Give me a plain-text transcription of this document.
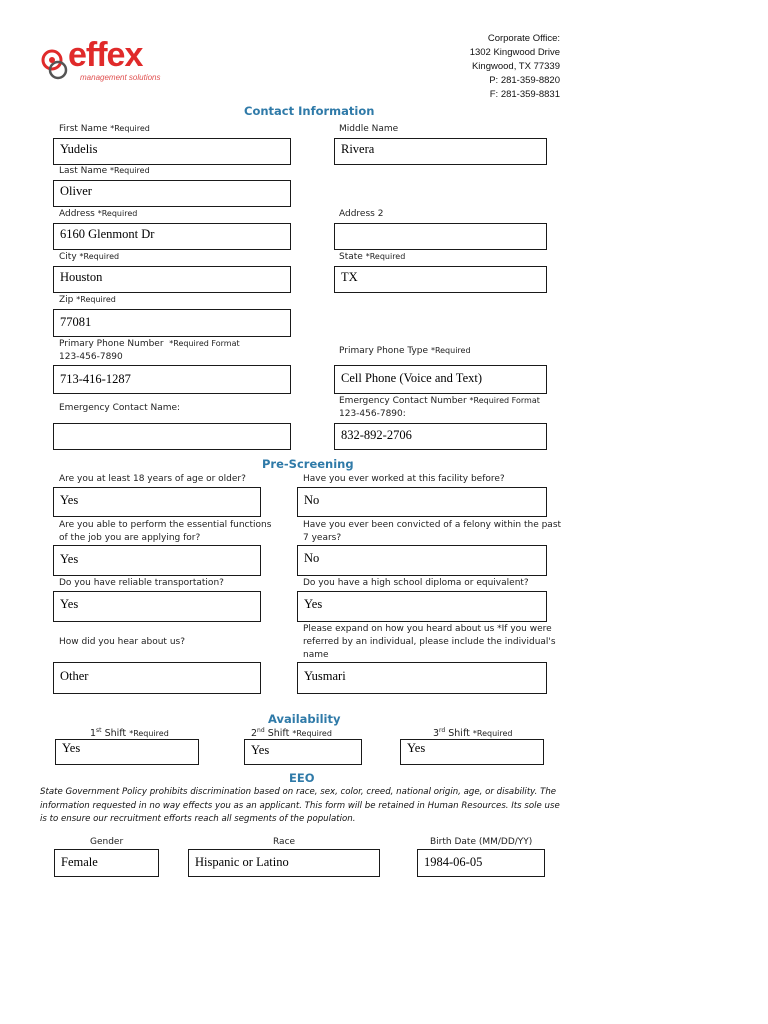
effex
management solutions
Corporate Office:
1302 Kingwood Drive
Kingwood, TX 77339
P: 281-359-8820
F: 281-359-8831
Contact Information
First Name *Required
Yudelis
Middle Name
Rivera
Last Name *Required
Oliver
Address *Required
6160 Glenmont Dr
Address 2
City *Required
Houston
State *Required
TX
Zip *Required
77081
Primary Phone Number *Required Format
123-456-7890
713-416-1287
Primary Phone Type *Required
Cell Phone (Voice and Text)
Emergency Contact Name:
Emergency Contact Number *Required Format
123-456-7890:
832-892-2706
Pre-Screening
Are you at least 18 years of age or older?
Yes
Have you ever worked at this facility before?
No
Are you able to perform the essential functions
of the job you are applying for?
Yes
Have you ever been convicted of a felony within the past
7 years?
No
Do you have reliable transportation?
Yes
Do you have a high school diploma or equivalent?
Yes
How did you hear about us?
Other
Please expand on how you heard about us *If you were
referred by an individual, please include the individual's
name
Yusmari
Availability
1st Shift *Required
Yes
2nd Shift *Required
Yes
3rd Shift *Required
Yes
EEO
State Government Policy prohibits discrimination based on race, sex, color, creed, national origin, age, or disability. The information requested in no way effects you as an applicant. This form will be retained in Human Resources. Its sole use is to ensure our recruitment efforts reach all segments of the population.
Gender
Female
Race
Hispanic or Latino
Birth Date (MM/DD/YY)
1984-06-05
